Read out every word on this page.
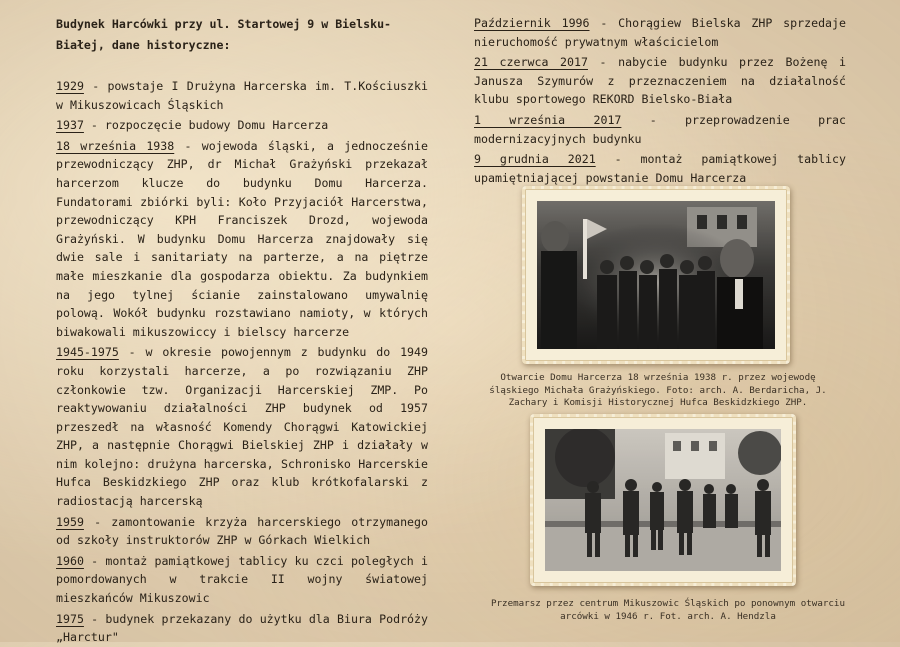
Budynek Harcówki przy ul. Startowej 9 w Bielsku-Białej, dane historyczne:

1929 - powstaje I Drużyna Harcerska im. T.Kościuszki w Mikuszowicach Śląskich

1937 - rozpoczęcie budowy Domu Harcerza

18 września 1938 - wojewoda śląski, a jednocześnie przewodniczący ZHP, dr Michał Grażyński przekazał harcerzom klucze do budynku Domu Harcerza. Fundatorami zbiórki byli: Koło Przyjaciół Harcerstwa, przewodniczący KPH Franciszek Drozd, wojewoda Grażyński. W budynku Domu Harcerza znajdowały się dwie sale i sanitariaty na parterze, a na piętrze małe mieszkanie dla gospodarza obiektu. Za budynkiem na jego tylnej ścianie zainstalowano umywalnię polową. Wokół budynku rozstawiano namioty, w których biwakowali mikuszowiccy i bielscy harcerze

1945-1975 - w okresie powojennym z budynku do 1949 roku korzystali harcerze, a po rozwiązaniu ZHP członkowie tzw. Organizacji Harcerskiej ZMP. Po reaktywowaniu działalności ZHP budynek od 1957 przeszedł na własność Komendy Chorągwi Katowickiej ZHP, a następnie Chorągwi Bielskiej ZHP i działały w nim kolejno: drużyna harcerska, Schronisko Harcerskie Hufca Beskidzkiego ZHP oraz klub krótkofalarski z radiostacją harcerską

1959 - zamontowanie krzyża harcerskiego otrzymanego od szkoły instruktorów ZHP w Górkach Wielkich

1960 - montaż pamiątkowej tablicy ku czci poległych i pomordowanych w trakcie II wojny światowej mieszkańców Mikuszowic

1975 - budynek przekazany do użytku dla Biura Podróży „Harctur"

Październik 1996 - Chorągiew Bielska ZHP sprzedaje nieruchomość prywatnym właścicielom

21 czerwca 2017 - nabycie budynku przez Bożenę i Janusza Szymurów z przeznaczeniem na działalność klubu sportowego REKORD Bielsko-Biała

1 września 2017 - przeprowadzenie prac modernizacyjnych budynku

9 grudnia 2021 - montaż pamiątkowej tablicy upamiętniającej powstanie Domu Harcerza

Otwarcie Domu Harcerza 18 września 1938 r. przez wojewodę śląskiego Michała Grażyńskiego. Foto: arch. A. Berdaricha, J. Zachary i Komisji Historycznej Hufca Beskidzkiego ZHP.
Przemarsz przez centrum Mikuszowic Śląskich po ponownym otwarciu arcówki w 1946 r. Fot. arch. A. Hendzla
